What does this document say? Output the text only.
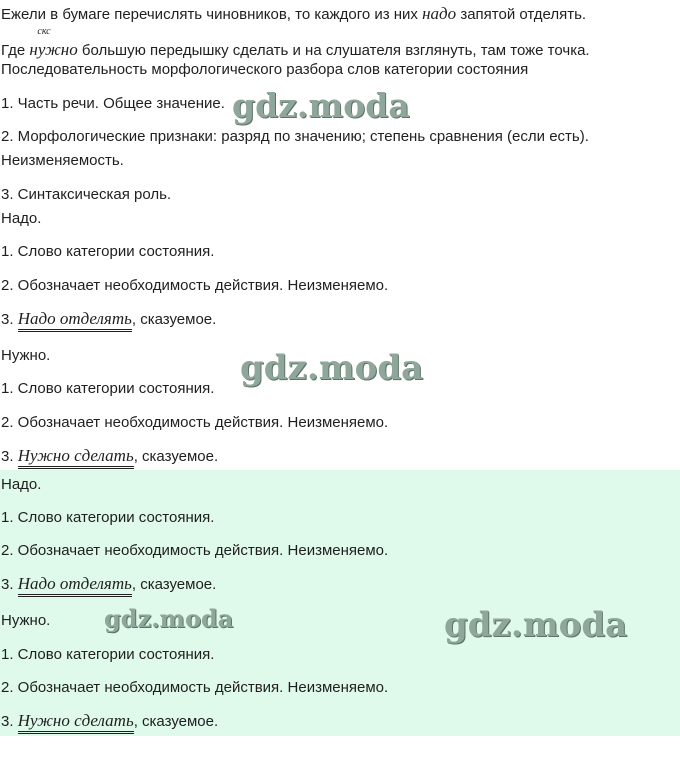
Ежели в бумаге перечислять чиновников, то каждого из них
надо запятой отделять.
Где
скс
нужно большую передышку сделать и на слушателя взглянуть, там тоже точка.
Последовательность морфологического разбора слов категории состояния
1. Часть речи. Общее значение.
2. Морфологические признаки: разряд по значению; степень сравнения (если есть).
Неизменяемость.
3. Синтаксическая роль.
Надо.
1. Слово категории состояния.
2. Обозначает необходимость действия. Неизменяемо.
3. Надо отделять, сказуемое.
Нужно.
1. Слово категории состояния.
2. Обозначает необходимость действия. Неизменяемо.
3. Нужно сделать, сказуемое.
Надо.
1. Слово категории состояния.
2. Обозначает необходимость действия. Неизменяемо.
3. Надо отделять, сказуемое.
Нужно.
1. Слово категории состояния.
2. Обозначает необходимость действия. Неизменяемо.
3. Нужно сделать, сказуемое.
gdz.moda
gdz.moda
gdz.moda	gdz.moda
